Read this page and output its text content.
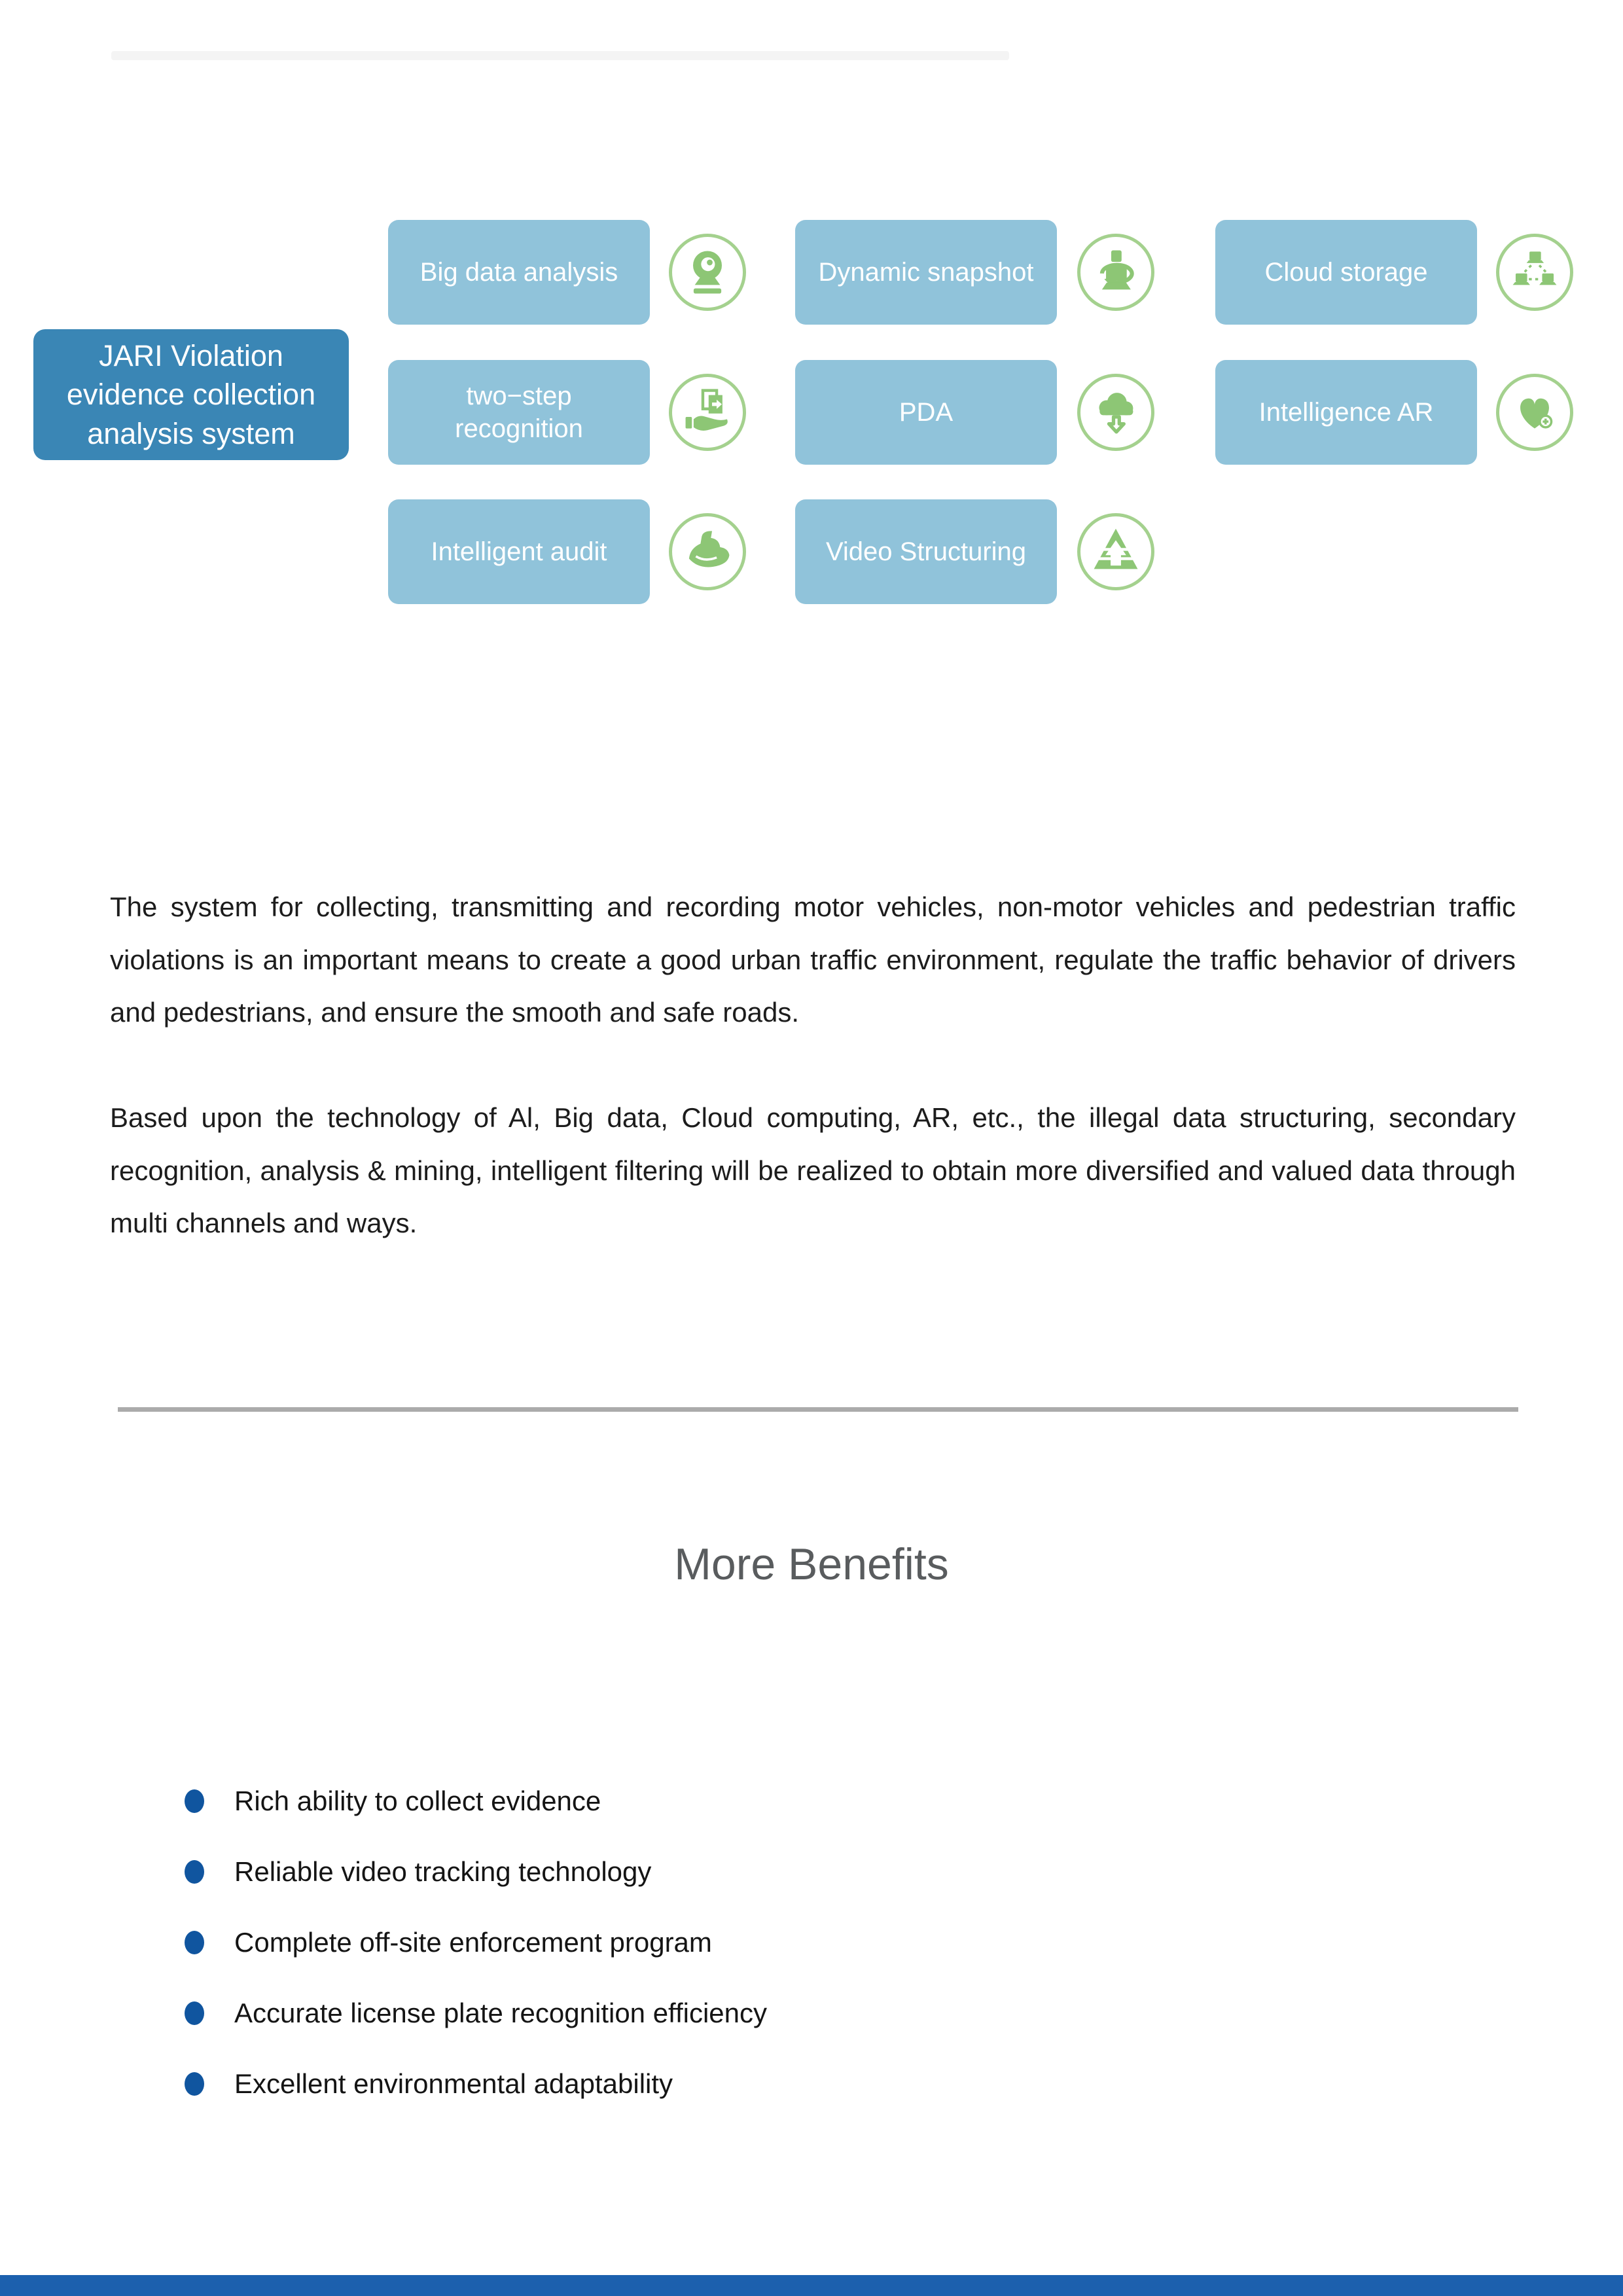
JARI Violation evidence collection analysis system
Big data analysis	Dynamic snapshot	Cloud storage
two−step recognition
PDA	Intelligence AR
Intelligent audit	Video Structuring

The system for collecting, transmitting and recording motor vehicles, non-motor vehicles and pedestrian traffic violations is an important means to create a good urban traffic environment, regulate the traffic behavior of drivers and pedestrians, and ensure the smooth and safe roads.

Based upon the technology of Al, Big data, Cloud computing, AR, etc., the illegal data structuring, secondary recognition, analysis & mining, intelligent filtering will be realized to obtain more diversified and valued data through multi channels and ways.

More Benefits
Rich ability to collect evidence
Reliable video tracking technology
Complete off-site enforcement program
Accurate license plate recognition efficiency
Excellent environmental adaptability
